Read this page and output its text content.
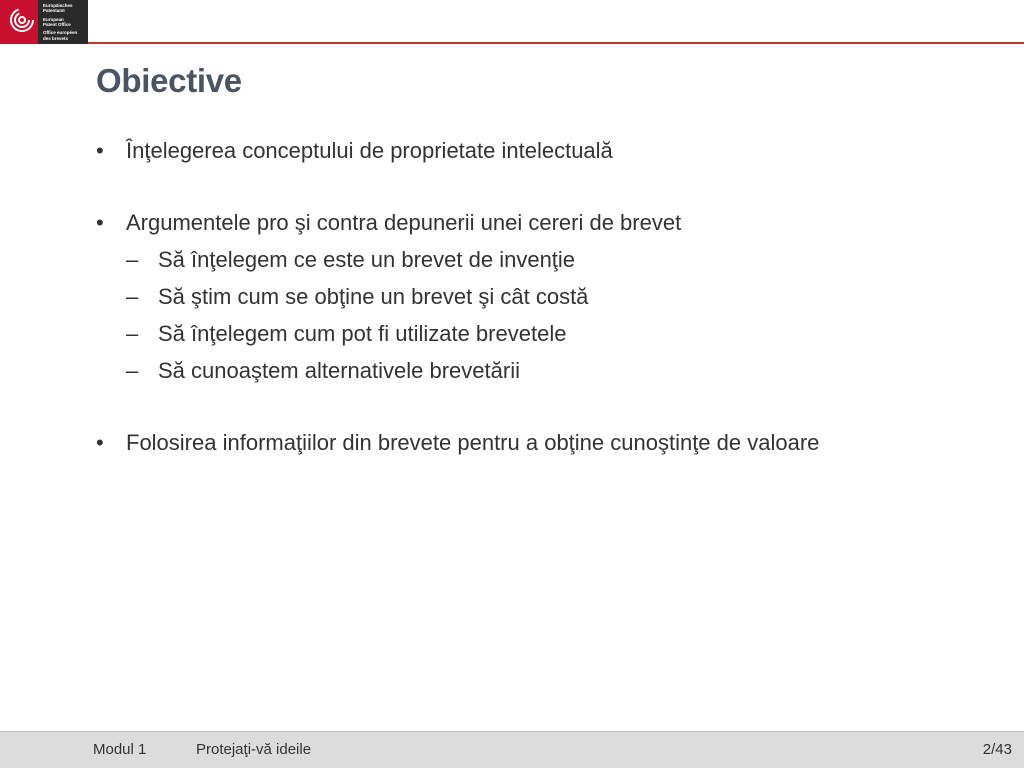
Europäisches
Patentamt
European
Patent Office
Office européen
des brevets
Obiective
• Înţelegerea conceptului de proprietate intelectuală
• Argumentele pro şi contra depunerii unei cereri de brevet
– Să înţelegem ce este un brevet de invenţie
– Să ştim cum se obţine un brevet şi cât costă
– Să înţelegem cum pot fi utilizate brevetele
– Să cunoaştem alternativele brevetării
• Folosirea informaţiilor din brevete pentru a obţine cunoştinţe de valoare
Modul 1	Protejaţi-vă ideile	2/43
